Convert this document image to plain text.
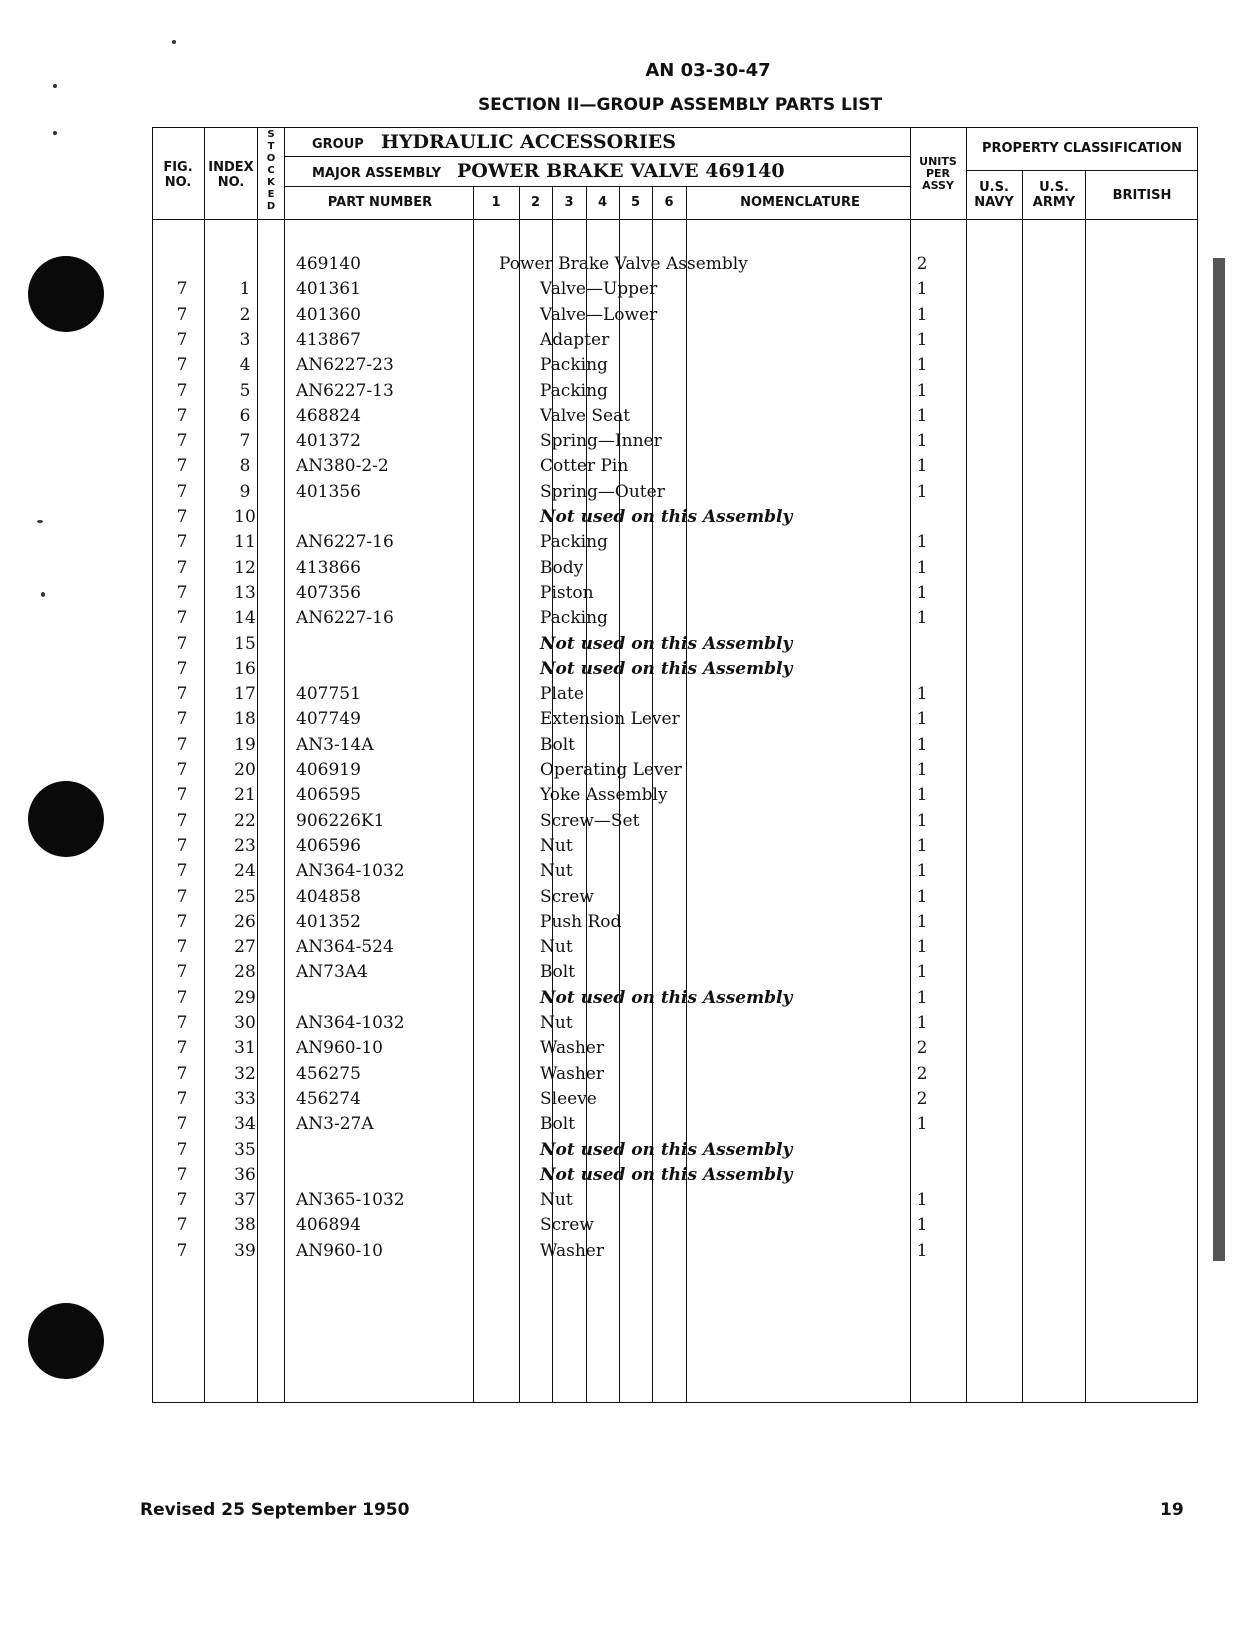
AN 03-30-47
SECTION II—GROUP ASSEMBLY PARTS LIST
FIG. NO.
INDEX NO.
S
T
O
C
K
E
D
GROUP HYDRAULIC ACCESSORIES
MAJOR ASSEMBLY POWER BRAKE VALVE 469140
PART NUMBER	1	2	3	4	5	6	NOMENCLATURE
UNITS PER ASSY
PROPERTY CLASSIFICATION
U.S. NAVY
U.S. ARMY	BRITISH
469140	Power Brake Valve Assembly	2
7	1	401361	Valve—Upper	1
7	2	401360	Valve—Lower	1
7	3	413867	Adapter	1
7	4	AN6227-23	Packing	1
7	5	AN6227-13	Packing	1
7	6	468824	Valve Seat	1
7	7	401372	Spring—Inner	1
7	8	AN380-2-2	Cotter Pin	1
7	9	401356	Spring—Outer	1
7	10	Not used on this Assembly
7	11	AN6227-16	Packing	1
7	12	413866	Body	1
7	13	407356	Piston	1
7	14	AN6227-16	Packing	1
7	15	Not used on this Assembly
7	16	Not used on this Assembly
7	17	407751	Plate	1
7	18	407749	Extension Lever	1
7	19	AN3-14A	Bolt	1
7	20	406919	Operating Lever	1
7	21	406595	Yoke Assembly	1
7	22	906226K1	Screw—Set	1
7	23	406596	Nut	1
7	24	AN364-1032	Nut	1
7	25	404858	Screw	1
7	26	401352	Push Rod	1
7	27	AN364-524	Nut	1
7	28	AN73A4	Bolt	1
7	29	Not used on this Assembly	1
7	30	AN364-1032	Nut	1
7	31	AN960-10	Washer	2
7	32	456275	Washer	2
7	33	456274	Sleeve	2
7	34	AN3-27A	Bolt	1
7	35	Not used on this Assembly
7	36	Not used on this Assembly
7	37	AN365-1032	Nut	1
7	38	406894	Screw	1
7	39	AN960-10	Washer	1

Revised 25 September 1950	19
